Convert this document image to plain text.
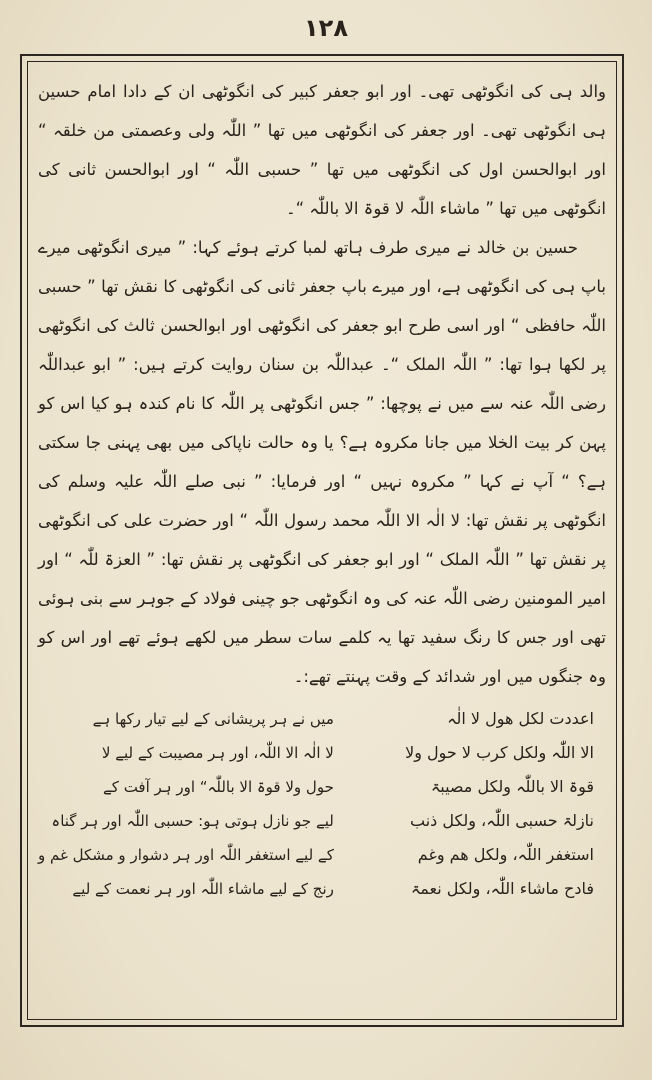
۱۲۸

والد ہی کی انگوٹھی تھی۔ اور ابو جعفر کبیر کی انگوٹھی ان کے دادا امام حسین ہی انگوٹھی تھی۔ اور جعفر کی انگوٹھی میں تھا ” اللّٰہ ولی وعصمتی من خلقہ “ اور ابوالحسن اول کی انگوٹھی میں تھا ” حسبی اللّٰہ “ اور ابوالحسن ثانی کی انگوٹھی میں تھا ” ماشاء اللّٰہ لا قوۃ الا باللّٰہ “۔

حسین بن خالد نے میری طرف ہاتھ لمبا کرتے ہوئے کہا: ” میری انگوٹھی میرے باپ ہی کی انگوٹھی ہے، اور میرے باپ جعفر ثانی کی انگوٹھی کا نقش تھا ” حسبی اللّٰہ حافظی “ اور اسی طرح ابو جعفر کی انگوٹھی اور ابوالحسن ثالث کی انگوٹھی پر لکھا ہوا تھا: ” اللّٰہ الملک “۔ عبداللّٰہ بن سنان روایت کرتے ہیں: ” ابو عبداللّٰہ رضی اللّٰہ عنہ سے میں نے پوچھا: ” جس انگوٹھی پر اللّٰہ کا نام کندہ ہو کیا اس کو پہن کر بیت الخلا میں جانا مکروہ ہے؟ یا وہ حالت ناپاکی میں بھی پہنی جا سکتی ہے؟ “ آپ نے کہا ” مکروہ نہیں “ اور فرمایا: ” نبی صلے اللّٰہ علیہ وسلم کی انگوٹھی پر نقش تھا: لا الٰہ الا اللّٰہ محمد رسول اللّٰہ “ اور حضرت علی کی انگوٹھی پر نقش تھا ” اللّٰہ الملک “ اور ابو جعفر کی انگوٹھی پر نقش تھا: ” العزۃ للّٰہ “ اور امیر المومنین رضی اللّٰہ عنہ کی وہ انگوٹھی جو چینی فولاد کے جوہر سے بنی ہوئی تھی اور جس کا رنگ سفید تھا یہ کلمے سات سطر میں لکھے ہوئے تھے اور اس کو وہ جنگوں میں اور شدائد کے وقت پہنتے تھے:۔

اعددت لکل ھول لا الٰہ
میں نے ہر پریشانی کے لیے تیار رکھا ہے
الا اللّٰہ ولکل کرب لا حول ولا
لا الٰہ الا اللّٰہ، اور ہر مصیبت کے لیے لا
قوۃ الا باللّٰہ ولکل مصیبۃ
حول ولا قوۃ الا باللّٰہ“ اور ہر آفت کے
نازلۃ حسبی اللّٰہ، ولکل ذنب
لیے جو نازل ہوتی ہو: حسبی اللّٰہ اور ہر گناہ
استغفر اللّٰہ، ولکل ھم وغم
کے لیے استغفر اللّٰہ اور ہر دشوار و مشکل غم و
فادح ماشاء اللّٰہ، ولکل نعمۃ
رنج کے لیے ماشاء اللّٰہ اور ہر نعمت کے لیے
